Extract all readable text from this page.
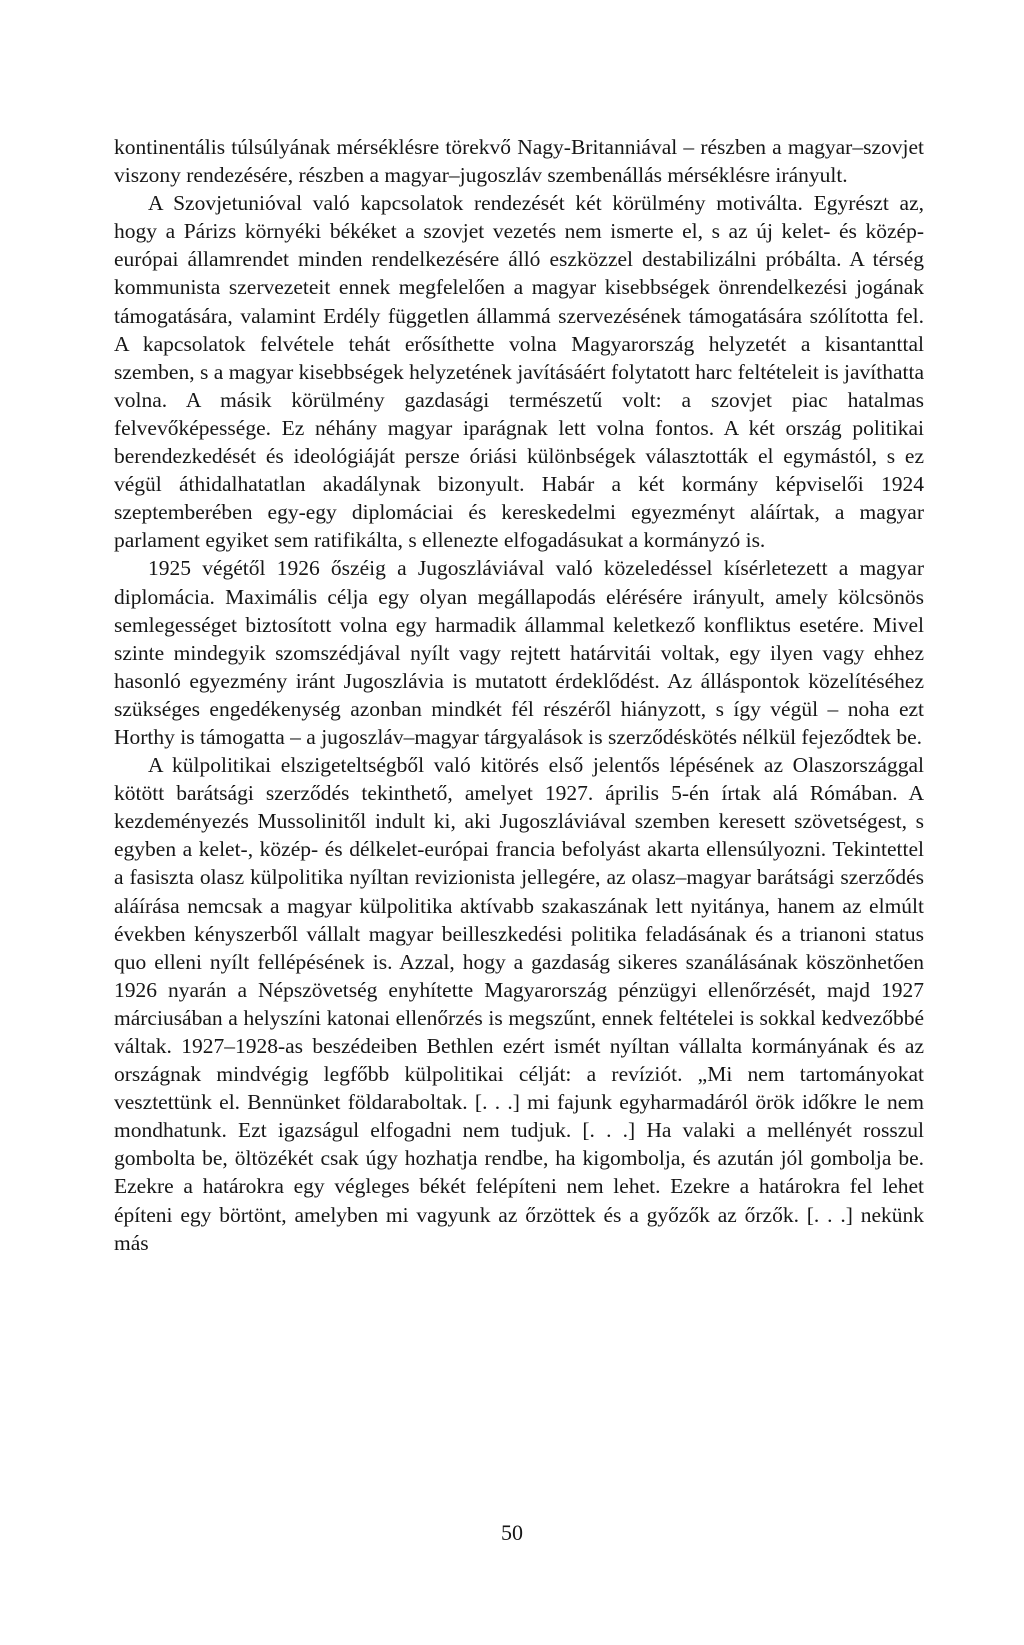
kontinentális túlsúlyának mérséklésre törekvő Nagy-Britanniával – részben a magyar–szovjet viszony rendezésére, részben a magyar–jugoszláv szembenállás mérséklésre irányult.

A Szovjetunióval való kapcsolatok rendezését két körülmény motiválta. Egyrészt az, hogy a Párizs környéki békéket a szovjet vezetés nem ismerte el, s az új kelet- és közép-európai államrendet minden rendelkezésére álló eszközzel destabilizálni próbálta. A térség kommunista szervezeteit ennek megfelelően a magyar kisebbségek önrendelkezési jogának támogatására, valamint Erdély független állammá szervezésének támogatására szólította fel. A kapcsolatok felvétele tehát erősíthette volna Magyarország helyzetét a kisantanttal szemben, s a magyar kisebbségek helyzetének javításáért folytatott harc feltételeit is javíthatta volna. A másik körülmény gazdasági természetű volt: a szovjet piac hatalmas felvevőképessége. Ez néhány magyar iparágnak lett volna fontos. A két ország politikai berendezkedését és ideológiáját persze óriási különbségek választották el egymástól, s ez végül áthidalhatatlan akadálynak bizonyult. Habár a két kormány képviselői 1924 szeptemberében egy-egy diplomáciai és kereskedelmi egyezményt aláírtak, a magyar parlament egyiket sem ratifikálta, s ellenezte elfogadásukat a kormányzó is.

1925 végétől 1926 őszéig a Jugoszláviával való közeledéssel kísérletezett a magyar diplomácia. Maximális célja egy olyan megállapodás elérésére irányult, amely kölcsönös semlegességet biztosított volna egy harmadik állammal keletkező konfliktus esetére. Mivel szinte mindegyik szomszédjával nyílt vagy rejtett határvitái voltak, egy ilyen vagy ehhez hasonló egyezmény iránt Jugoszlávia is mutatott érdeklődést. Az álláspontok közelítéséhez szükséges engedékenység azonban mindkét fél részéről hiányzott, s így végül – noha ezt Horthy is támogatta – a jugoszláv–magyar tárgyalások is szerződéskötés nélkül fejeződtek be.

A külpolitikai elszigeteltségből való kitörés első jelentős lépésének az Olaszországgal kötött barátsági szerződés tekinthető, amelyet 1927. április 5-én írtak alá Rómában. A kezdeményezés Mussolinitől indult ki, aki Jugoszláviával szemben keresett szövetségest, s egyben a kelet-, közép- és délkelet-európai francia befolyást akarta ellensúlyozni. Tekintettel a fasiszta olasz külpolitika nyíltan revizionista jellegére, az olasz–magyar barátsági szerződés aláírása nemcsak a magyar külpolitika aktívabb szakaszának lett nyitánya, hanem az elmúlt években kényszerből vállalt magyar beilleszkedési politika feladásának és a trianoni status quo elleni nyílt fellépésének is. Azzal, hogy a gazdaság sikeres szanálásának köszönhetően 1926 nyarán a Népszövetség enyhítette Magyarország pénzügyi ellenőrzését, majd 1927 márciusában a helyszíni katonai ellenőrzés is megszűnt, ennek feltételei is sokkal kedvezőbbé váltak. 1927–1928-as beszédeiben Bethlen ezért ismét nyíltan vállalta kormányának és az országnak mindvégig legfőbb külpolitikai célját: a revíziót. „Mi nem tartományokat vesztettünk el. Bennünket földaraboltak. [. . .] mi fajunk egyharmadáról örök időkre le nem mondhatunk. Ezt igazságul elfogadni nem tudjuk. [. . .] Ha valaki a mellényét rosszul gombolta be, öltözékét csak úgy hozhatja rendbe, ha kigombolja, és azután jól gombolja be. Ezekre a határokra egy végleges békét felépíteni nem lehet. Ezekre a határokra fel lehet építeni egy börtönt, amelyben mi vagyunk az őrzöttek és a győzők az őrzők. [. . .] nekünk más

50
